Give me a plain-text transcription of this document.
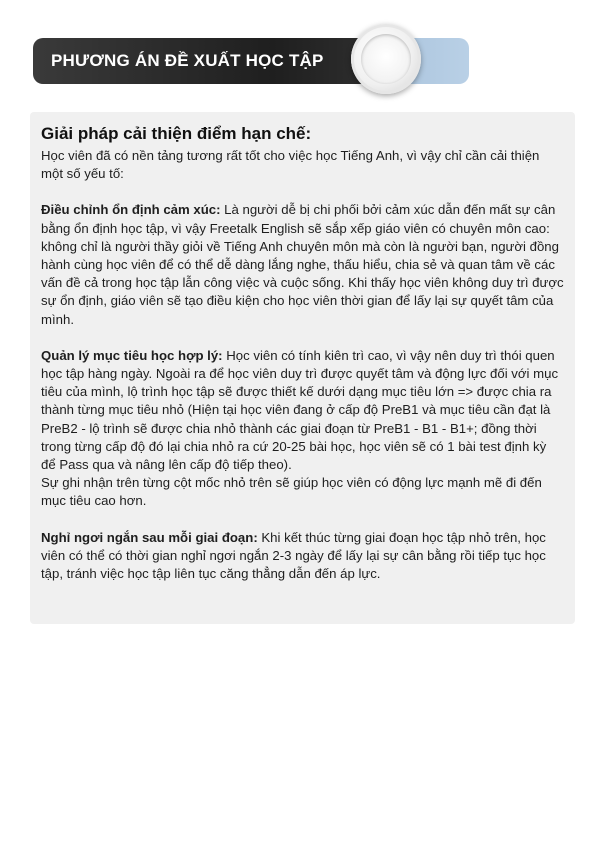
PHƯƠNG ÁN ĐỀ XUẤT HỌC TẬP
Giải pháp cải thiện điểm hạn chế:

Học viên đã có nền tảng tương rất tốt cho việc học Tiếng Anh, vì vậy chỉ cần cải thiện một số yếu tố:

Điều chỉnh ổn định cảm xúc: Là người dễ bị chi phối bởi cảm xúc dẫn đến mất sự cân bằng ổn định học tập, vì vậy Freetalk English sẽ sắp xếp giáo viên có chuyên môn cao: không chỉ là người thầy giỏi về Tiếng Anh chuyên môn mà còn là người bạn, người đồng hành cùng học viên để có thể dễ dàng lắng nghe, thấu hiểu, chia sẻ và quan tâm về các vấn đề cả trong học tập lẫn công việc và cuộc sống. Khi thấy học viên không duy trì được sự ổn định, giáo viên sẽ tạo điều kiện cho học viên thời gian để lấy lại sự quyết tâm của mình.

Quản lý mục tiêu học hợp lý: Học viên có tính kiên trì cao, vì vậy nên duy trì thói quen học tập hàng ngày. Ngoài ra để học viên duy trì được quyết tâm và động lực đối với mục tiêu của mình, lộ trình học tập sẽ được thiết kế dưới dạng mục tiêu lớn => được chia ra thành từng mục tiêu nhỏ (Hiện tại học viên đang ở cấp độ PreB1 và mục tiêu cần đạt là PreB2 - lộ trình sẽ được chia nhỏ thành các giai đoạn từ PreB1 - B1 - B1+; đồng thời trong từng cấp độ đó lại chia nhỏ ra cứ 20-25 bài học, học viên sẽ có 1 bài test định kỳ để Pass qua và nâng lên cấp độ tiếp theo).

Sự ghi nhận trên từng cột mốc nhỏ trên sẽ giúp học viên có động lực mạnh mẽ đi đến mục tiêu cao hơn.

Nghỉ ngơi ngắn sau mỗi giai đoạn: Khi kết thúc từng giai đoạn học tập nhỏ trên, học viên có thể có thời gian nghỉ ngơi ngắn 2-3 ngày để lấy lại sự cân bằng rồi tiếp tục học tập, tránh việc học tập liên tục căng thẳng dẫn đến áp lực.
